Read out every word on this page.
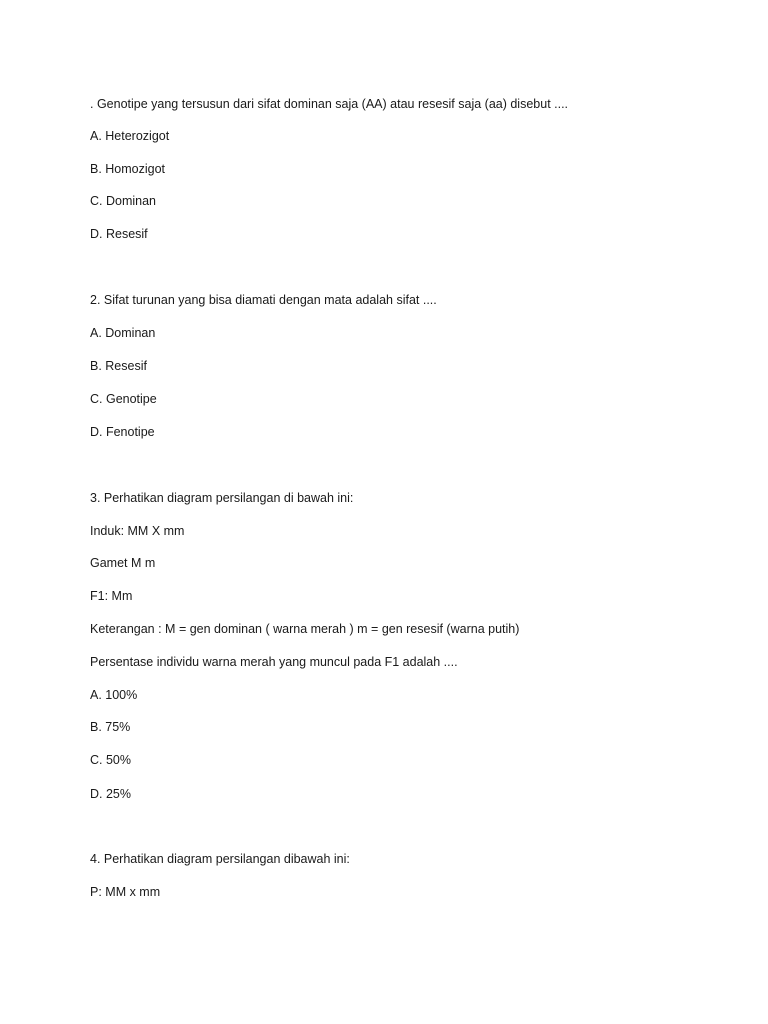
. Genotipe yang tersusun dari sifat dominan saja (AA) atau resesif saja (aa) disebut ....
A. Heterozigot
B. Homozigot
C. Dominan
D. Resesif
2. Sifat turunan yang bisa diamati dengan mata adalah sifat ....
A. Dominan
B. Resesif
C. Genotipe
D. Fenotipe
3. Perhatikan diagram persilangan di bawah ini:
Induk: MM X mm
Gamet M m
F1: Mm
Keterangan : M = gen dominan ( warna merah ) m = gen resesif (warna putih)
Persentase individu warna merah yang muncul pada F1 adalah ....
A. 100%
B. 75%
C. 50%
D. 25%
4. Perhatikan diagram persilangan dibawah ini:
P: MM x mm
